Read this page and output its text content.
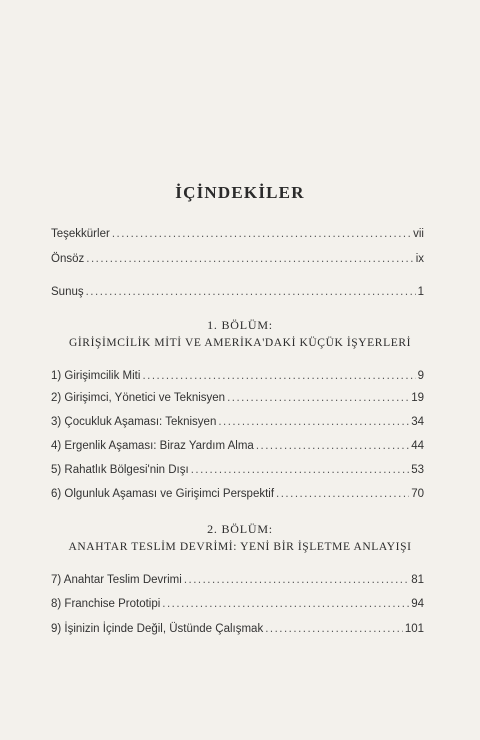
İÇİNDEKİLER
Teşekkürler .....	vii
Önsöz .....	ix
Sunuş .....	1
1. BÖLÜM:
GİRİŞİMCİLİK MİTİ VE AMERİKA'DAKİ KÜÇÜK İŞYERLERİ
1) Girişimcilik Miti .....	9
2) Girişimci, Yönetici ve Teknisyen .....	19
3) Çocukluk Aşaması: Teknisyen .....	34
4) Ergenlik Aşaması: Biraz Yardım Alma .....	44
5) Rahatlık Bölgesi'nin Dışı .....	53
6) Olgunluk Aşaması ve Girişimci Perspektif .....	70
2. BÖLÜM:
ANAHTAR TESLİM DEVRİMİ: YENİ BİR İŞLETME ANLAYIŞI
7) Anahtar Teslim Devrimi .....	81
8) Franchise Prototipi .....	94
9) İşinizin İçinde Değil, Üstünde Çalışmak .....	101
